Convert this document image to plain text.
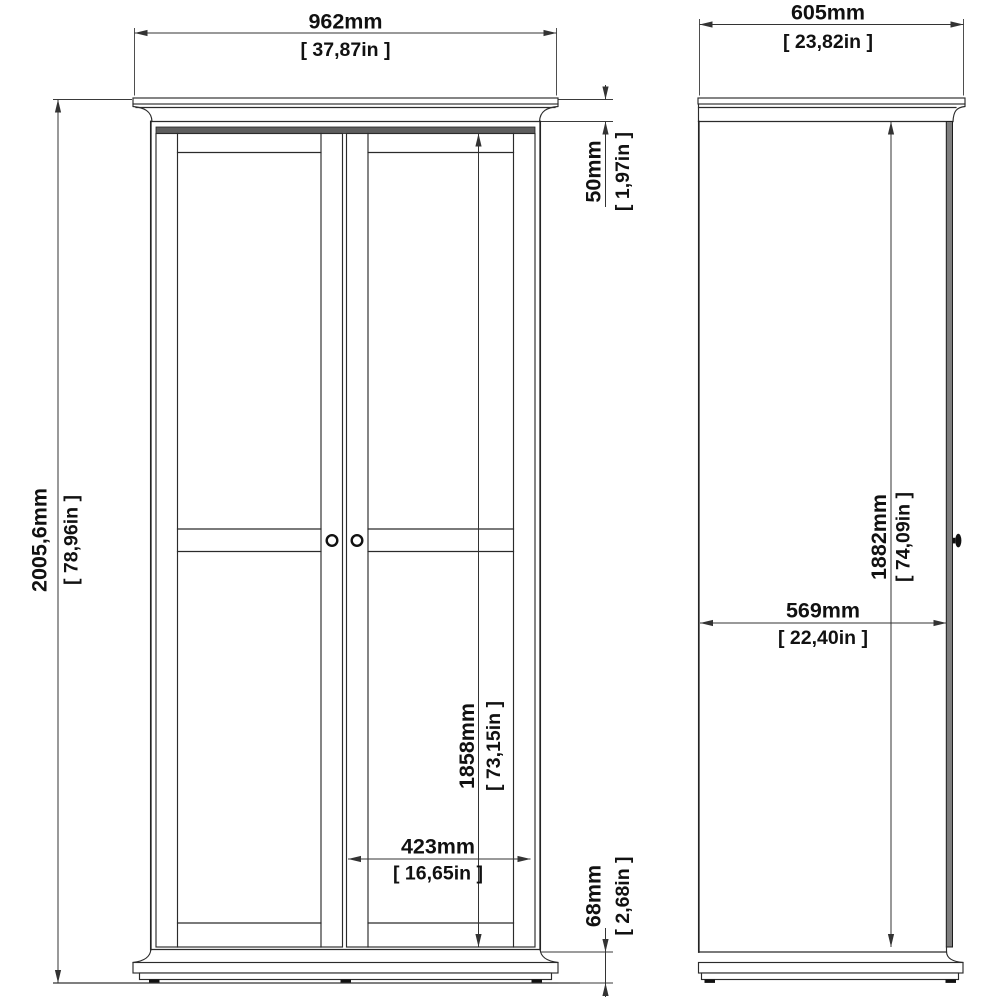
962mm
[ 37,87in ]
605mm
[ 23,82in ]
2005,6mm [ 78,96in ]
50mm [ 1,97in ]
1858mm [ 73,15in ]
423mm
[ 16,65in ]	68mm [ 2,68in ]
1882mm [ 74,09in ]
569mm
[ 22,40in ]
